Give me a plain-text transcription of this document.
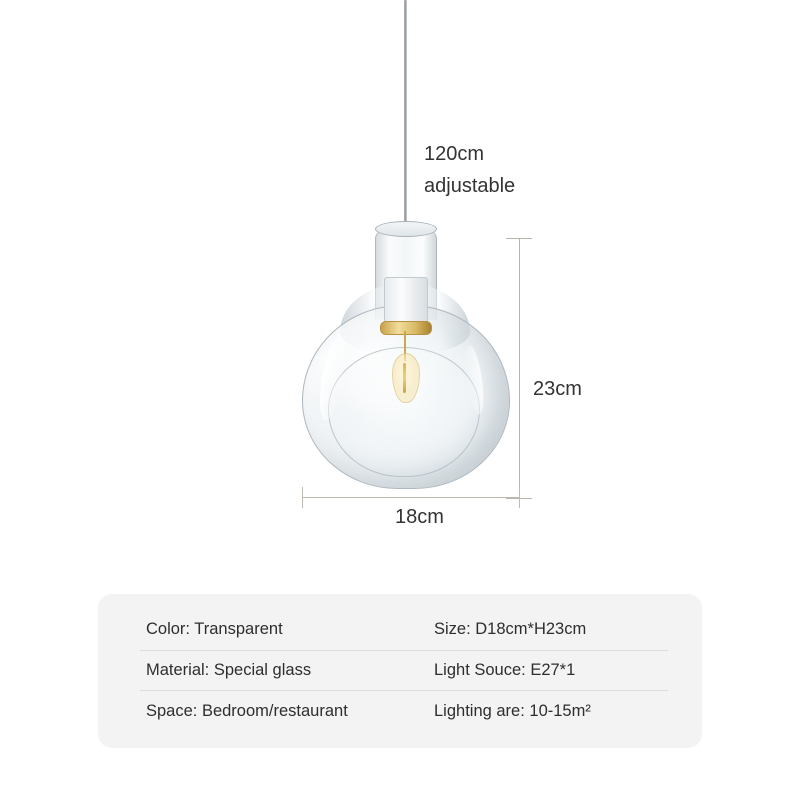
120cm
adjustable
23cm
18cm
Color: Transparent	Size: D18cm*H23cm
Material: Special glass	Light Souce: E27*1
Space: Bedroom/restaurant	Lighting are: 10-15m²
